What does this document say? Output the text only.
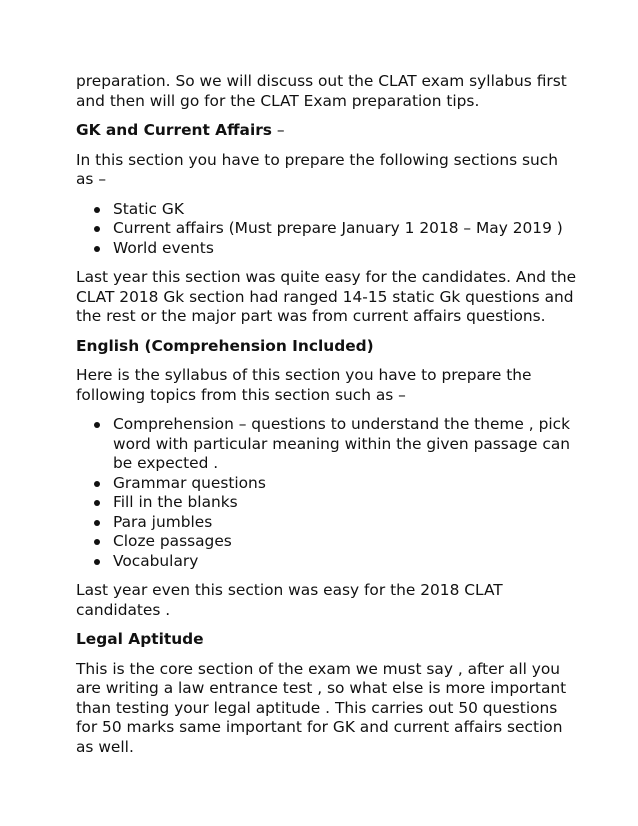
preparation. So we will discuss out the CLAT exam syllabus first and then will go for the CLAT Exam preparation tips.

GK and Current Affairs –

In this section you have to prepare the following sections such as –

Static GK
Current affairs (Must prepare January 1 2018 – May 2019 )
World events

Last year this section was quite easy for the candidates. And the CLAT 2018 Gk section had ranged 14-15 static Gk questions and the rest or the major part was from current affairs questions.

English (Comprehension Included)

Here is the syllabus of this section you have to prepare the following topics from this section such as –

Comprehension – questions to understand the theme , pick word with particular meaning within the given passage can be expected .
Grammar questions
Fill in the blanks
Para jumbles
Cloze passages
Vocabulary

Last year even this section was easy for the 2018 CLAT candidates .

Legal Aptitude

This is the core section of the exam we must say , after all you are writing a law entrance test , so what else is more important than testing your legal aptitude . This carries out 50 questions for 50 marks same important for GK and current affairs section as well.
